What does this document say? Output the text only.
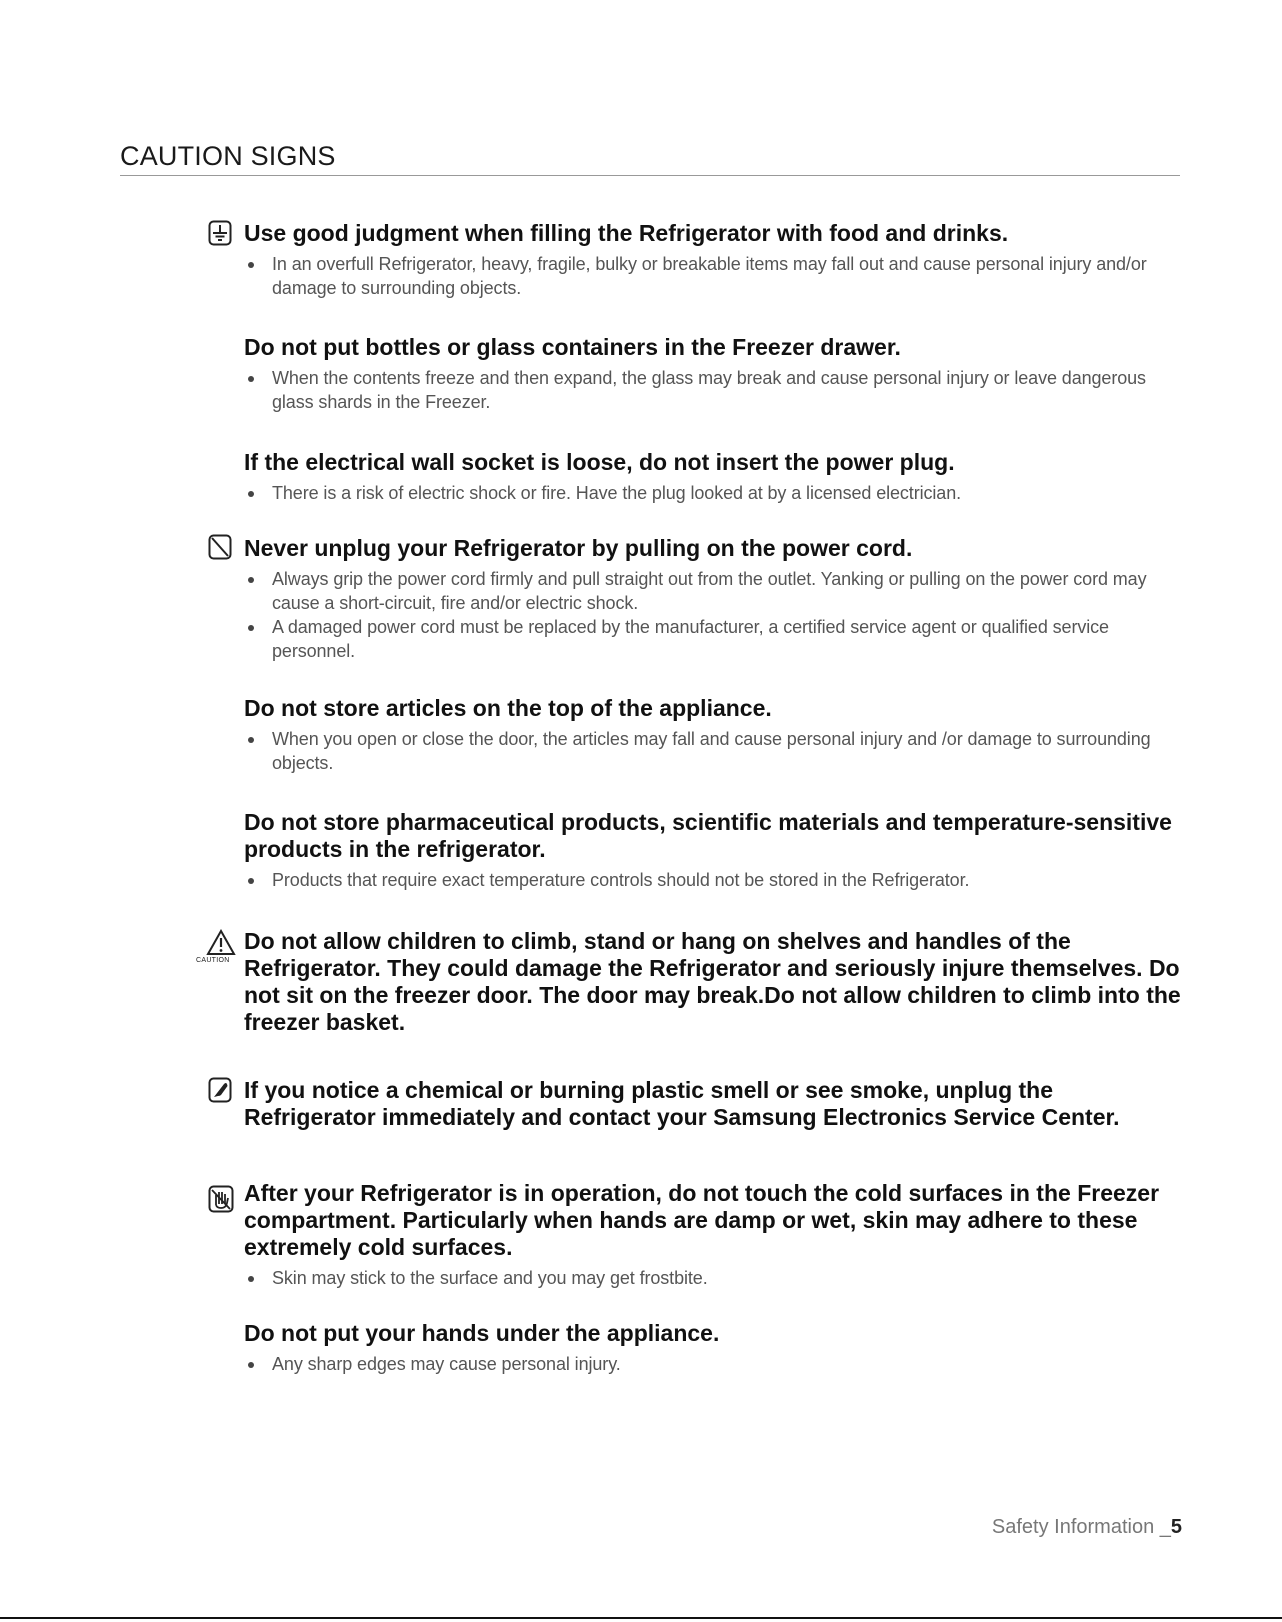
CAUTION SIGNS
CAUTION
Use good judgment when filling the Refrigerator with food and drinks.
In an overfull Refrigerator, heavy, fragile, bulky or breakable items may fall out and cause personal injury and/or damage to surrounding objects.
Do not put bottles or glass containers in the Freezer drawer.
When the contents freeze and then expand, the glass may break and cause personal injury or leave dangerous glass shards in the Freezer.
If the electrical wall socket is loose, do not insert the power plug.
There is a risk of electric shock or fire. Have the plug looked at by a licensed electrician.
Never unplug your Refrigerator by pulling on the power cord.
Always grip the power cord firmly and pull straight out from the outlet. Yanking or pulling on the power cord may cause a short-circuit, fire and/or electric shock.
A damaged power cord must be replaced by the manufacturer, a certified service agent or qualified service personnel.
Do not store articles on the top of the appliance.
When you open or close the door, the articles may fall and cause personal injury and /or damage to surrounding objects.
Do not store pharmaceutical products, scientific materials and temperature-sensitive products in the refrigerator.
Products that require exact temperature controls should not be stored in the Refrigerator.
Do not allow children to climb, stand or hang on shelves and handles of the Refrigerator. They could damage the Refrigerator and seriously injure themselves. Do not sit on the freezer door. The door may break.Do not allow children to climb into the freezer basket.
If you notice a chemical or burning plastic smell or see smoke, unplug the Refrigerator immediately and contact your Samsung Electronics Service Center.
After your Refrigerator is in operation, do not touch the cold surfaces in the Freezer compartment. Particularly when hands are damp or wet, skin may adhere to these extremely cold surfaces.
Skin may stick to the surface and you may get frostbite.
Do not put your hands under the appliance.
Any sharp edges may cause personal injury.
Safety Information _5
